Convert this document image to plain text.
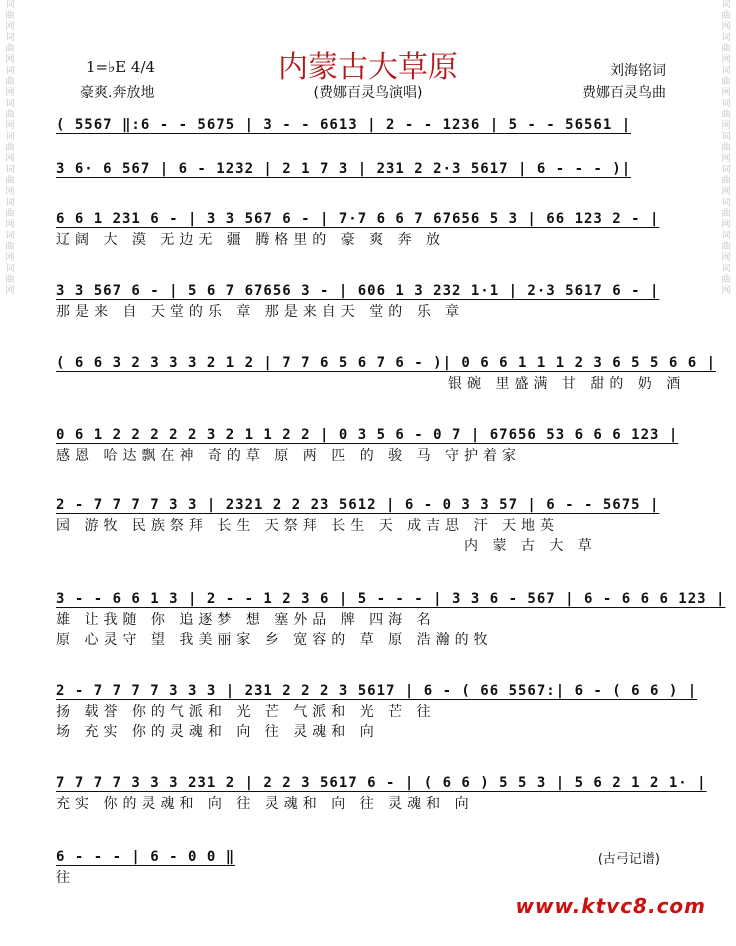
词曲网词曲网词曲网词曲网词曲网词曲网词曲网词曲网词曲网
词曲网词曲网词曲网词曲网词曲网词曲网词曲网词曲网词曲网
内蒙古大草原
1=♭E 4/4
豪爽.奔放地	(费娜百灵鸟演唱)
刘海铭词
费娜百灵鸟曲
( 5567 ‖:6 - - 5675 | 3 - - 6613 | 2 - - 1236 | 5 - - 56561 |
3 6· 6 567 | 6 - 1232 | 2 1 7 3 | 231 2 2·3 5617 | 6 - - - )|
6 6 1 231 6 - | 3 3 567 6 - | 7·7 6 6 7 67656 5 3 | 66 123 2 - |
辽阔 大 漠 无边无 疆 腾格里的 豪 爽 奔 放
3 3 567 6 - | 5 6 7 67656 3 - | 606 1 3 232 1·1 | 2·3 5617 6 - |
那是来 自 天堂的乐 章 那是来自天 堂的 乐 章
( 6 6 3 2 3 3 3 2 1 2 | 7 7 6 5 6 7 6 - )| 0 6 6 1 1 1 2 3 6 5 5 6 6 |
银碗 里盛满 甘 甜的 奶 酒
0 6 1 2 2 2 2 2 3 2 1 1 2 2 | 0 3 5 6 - 0 7 | 67656 53 6 6 6 123 |
感恩 哈达飘在神 奇的草 原 两 匹 的 骏 马 守护着家
2 - 7 7 7 7 3 3 | 2321 2 2 23 5612 | 6 - 0 3 3 57 | 6 - - 5675 |
园 游牧 民族祭拜 长生 天祭拜 长生 天 成吉思 汗 天地英
内 蒙 古 大 草
3 - - 6 6 1 3 | 2 - - 1 2 3 6 | 5 - - - | 3 3 6 - 567 | 6 - 6 6 6 123 |
雄 让我随 你 追逐梦 想 塞外品 牌 四海 名
原 心灵守 望 我美丽家 乡 宽容的 草 原 浩瀚的牧
2 - 7 7 7 7 3 3 3 | 231 2 2 2 3 5617 | 6 - ( 66 5567:| 6 - ( 6 6 ) |
扬 载誉 你的气派和 光 芒 气派和 光 芒 往
场 充实 你的灵魂和 向 往 灵魂和 向
7 7 7 7 3 3 3 231 2 | 2 2 3 5617 6 - | ( 6 6 ) 5 5 3 | 5 6 2 1 2 1· |
充实 你的灵魂和 向 往 灵魂和 向 往 灵魂和 向
6 - - - | 6 - 0 0 ‖
往
(古弓记谱)
www.ktvc8.com
